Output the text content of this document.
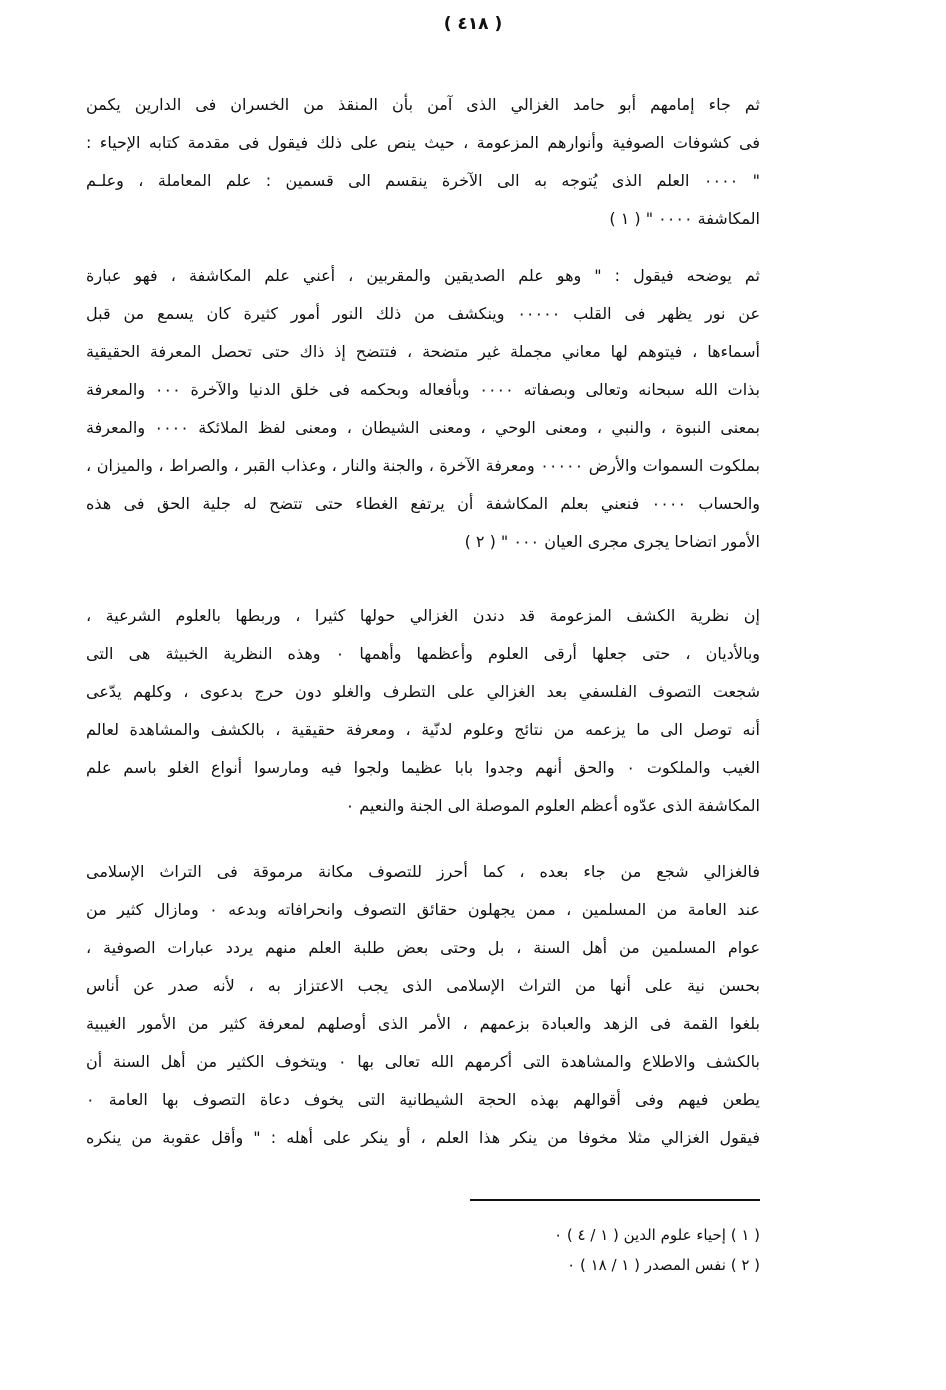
( ٤١٨ )
ثم جاء إمامهم أبو حامد الغزالي الذى آمن بأن المنقذ من الخسران فى الدارين يكمن
فى كشوفات الصوفية وأنوارهم المزعومة ، حيث ينص على ذلك فيقول فى مقدمة كتابه الإحياء :
" ٠٠٠٠ العلم الذى يُتوجه به الى الآخرة ينقسم الى قسمين : علم المعاملة ، وعلـم
المكاشفة ٠٠٠٠ " ( ١ )
ثم يوضحه فيقول : " وهو علم الصديقين والمقربين ، أعني علم المكاشفة ، فهو عبارة
عن نور يظهر فى القلب ٠٠٠٠٠ وينكشف من ذلك النور أمور كثيرة كان يسمع من قبل
أسماءها ، فيتوهم لها معاني مجملة غير متضحة ، فتتضح إذ ذاك حتى تحصل المعرفة الحقيقية
بذات الله سبحانه وتعالى وبصفاته ٠٠٠٠ وبأفعاله وبحكمه فى خلق الدنيا والآخرة ٠٠٠ والمعرفة
بمعنى النبوة ، والنبي ، ومعنى الوحي ، ومعنى الشيطان ، ومعنى لفظ الملائكة ٠٠٠٠ والمعرفة
بملكوت السموات والأرض ٠٠٠٠٠ ومعرفة الآخرة ، والجنة والنار ، وعذاب القبر ، والصراط ، والميزان ،
والحساب ٠٠٠٠ فنعني بعلم المكاشفة أن يرتفع الغطاء حتى تتضح له جلية الحق فى هذه
الأمور اتضاحا يجرى مجرى العيان ٠٠٠ " ( ٢ )
إن نظرية الكشف المزعومة قد دندن الغزالي حولها كثيرا ، وربطها بالعلوم الشرعية ،
وبالأديان ، حتى جعلها أرقى العلوم وأعظمها وأهمها ٠ وهذه النظرية الخبيثة هى التى
شجعت التصوف الفلسفي بعد الغزالي على التطرف والغلو دون حرج بدعوى ، وكلهم يدّعى
أنه توصل الى ما يزعمه من نتائج وعلوم لدنّية ، ومعرفة حقيقية ، بالكشف والمشاهدة لعالم
الغيب والملكوت ٠ والحق أنهم وجدوا بابا عظيما ولجوا فيه ومارسوا أنواع الغلو باسم علم
المكاشفة الذى عدّوه أعظم العلوم الموصلة الى الجنة والنعيم ٠
فالغزالي شجع من جاء بعده ، كما أحرز للتصوف مكانة مرموقة فى التراث الإسلامى
عند العامة من المسلمين ، ممن يجهلون حقائق التصوف وانحرافاته وبدعه ٠ ومازال كثير من
عوام المسلمين من أهل السنة ، بل وحتى بعض طلبة العلم منهم يردد عبارات الصوفية ،
بحسن نية على أنها من التراث الإسلامى الذى يجب الاعتزاز به ، لأنه صدر عن أناس
بلغوا القمة فى الزهد والعبادة بزعمهم ، الأمر الذى أوصلهم لمعرفة كثير من الأمور الغيبية
بالكشف والاطلاع والمشاهدة التى أكرمهم الله تعالى بها ٠ ويتخوف الكثير من أهل السنة أن
يطعن فيهم وفى أقوالهم بهذه الحجة الشيطانية التى يخوف دعاة التصوف بها العامة ٠
فيقول الغزالي مثلا مخوفا من ينكر هذا العلم ، أو ينكر على أهله : " وأقل عقوبة من ينكره
( ١ ) إحياء علوم الدين ( ١ / ٤ ) ٠
( ٢ ) نفس المصدر ( ١ / ١٨ ) ٠
